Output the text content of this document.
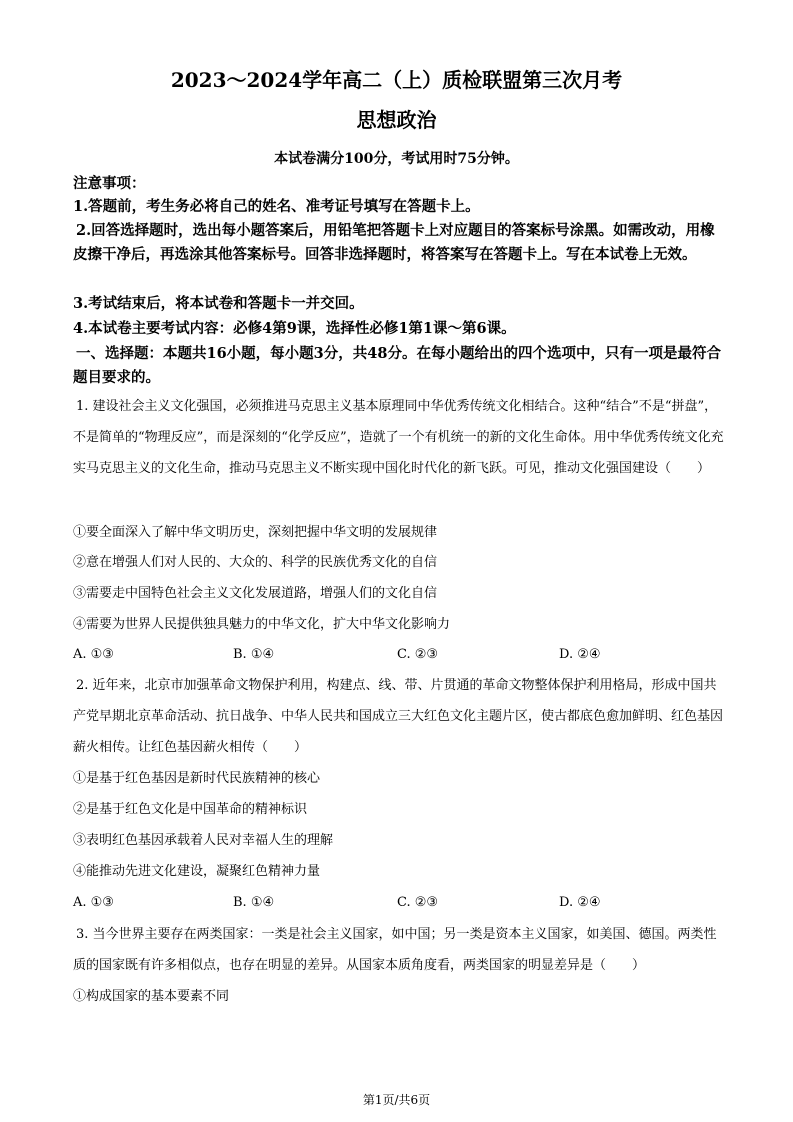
2023～2024学年高二（上）质检联盟第三次月考
思想政治
本试卷满分100分，考试用时75分钟。
注意事项：
1.答题前，考生务必将自己的姓名、准考证号填写在答题卡上。
2.回答选择题时，选出每小题答案后，用铅笔把答题卡上对应题目的答案标号涂黑。如需改动，用橡皮擦干净后，再选涂其他答案标号。回答非选择题时，将答案写在答题卡上。写在本试卷上无效。
3.考试结束后，将本试卷和答题卡一并交回。
4.本试卷主要考试内容：必修4第9课，选择性必修1第1课～第6课。
一、选择题：本题共16小题，每小题3分，共48分。在每小题给出的四个选项中，只有一项是最符合题目要求的。
1. 建设社会主义文化强国，必须推进马克思主义基本原理同中华优秀传统文化相结合。这种“结合”不是“拼盘”，不是简单的“物理反应”，而是深刻的“化学反应”，造就了一个有机统一的新的文化生命体。用中华优秀传统文化充实马克思主义的文化生命，推动马克思主义不断实现中国化时代化的新飞跃。可见，推动文化强国建设（　　）
①要全面深入了解中华文明历史，深刻把握中华文明的发展规律
②意在增强人们对人民的、大众的、科学的民族优秀文化的自信
③需要走中国特色社会主义文化发展道路，增强人们的文化自信
④需要为世界人民提供独具魅力的中华文化，扩大中华文化影响力
A. ①③	B. ①④	C. ②③	D. ②④
2. 近年来，北京市加强革命文物保护利用，构建点、线、带、片贯通的革命文物整体保护利用格局，形成中国共产党早期北京革命活动、抗日战争、中华人民共和国成立三大红色文化主题片区，使古都底色愈加鲜明、红色基因薪火相传。让红色基因薪火相传（　　）
①是基于红色基因是新时代民族精神的核心
②是基于红色文化是中国革命的精神标识
③表明红色基因承载着人民对幸福人生的理解
④能推动先进文化建设，凝聚红色精神力量
A. ①③	B. ①④	C. ②③	D. ②④
3. 当今世界主要存在两类国家：一类是社会主义国家，如中国；另一类是资本主义国家，如美国、德国。两类性质的国家既有许多相似点，也存在明显的差异。从国家本质角度看，两类国家的明显差异是（　　）
①构成国家的基本要素不同
第1页/共6页
